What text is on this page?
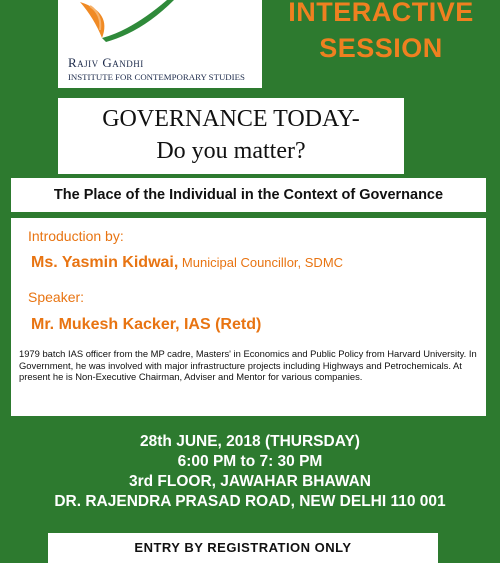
Rajiv Gandhi
INSTITUTE FOR CONTEMPORARY STUDIES
INTERACTIVE
SESSION
GOVERNANCE TODAY-
Do you matter?
The Place of the Individual in the Context of Governance
Introduction by:
Ms. Yasmin Kidwai, Municipal Councillor, SDMC
Speaker:
Mr. Mukesh Kacker, IAS (Retd)
1979 batch IAS officer from the MP cadre, Masters' in Economics and Public Policy from Harvard University. In Government, he was involved with major infrastructure projects including Highways and Petrochemicals. At present he is Non-Executive Chairman, Adviser and Mentor for various companies.
28th JUNE, 2018 (THURSDAY)
6:00 PM to 7: 30 PM
3rd FLOOR, JAWAHAR BHAWAN
DR. RAJENDRA PRASAD ROAD, NEW DELHI 110 001
ENTRY BY REGISTRATION ONLY
